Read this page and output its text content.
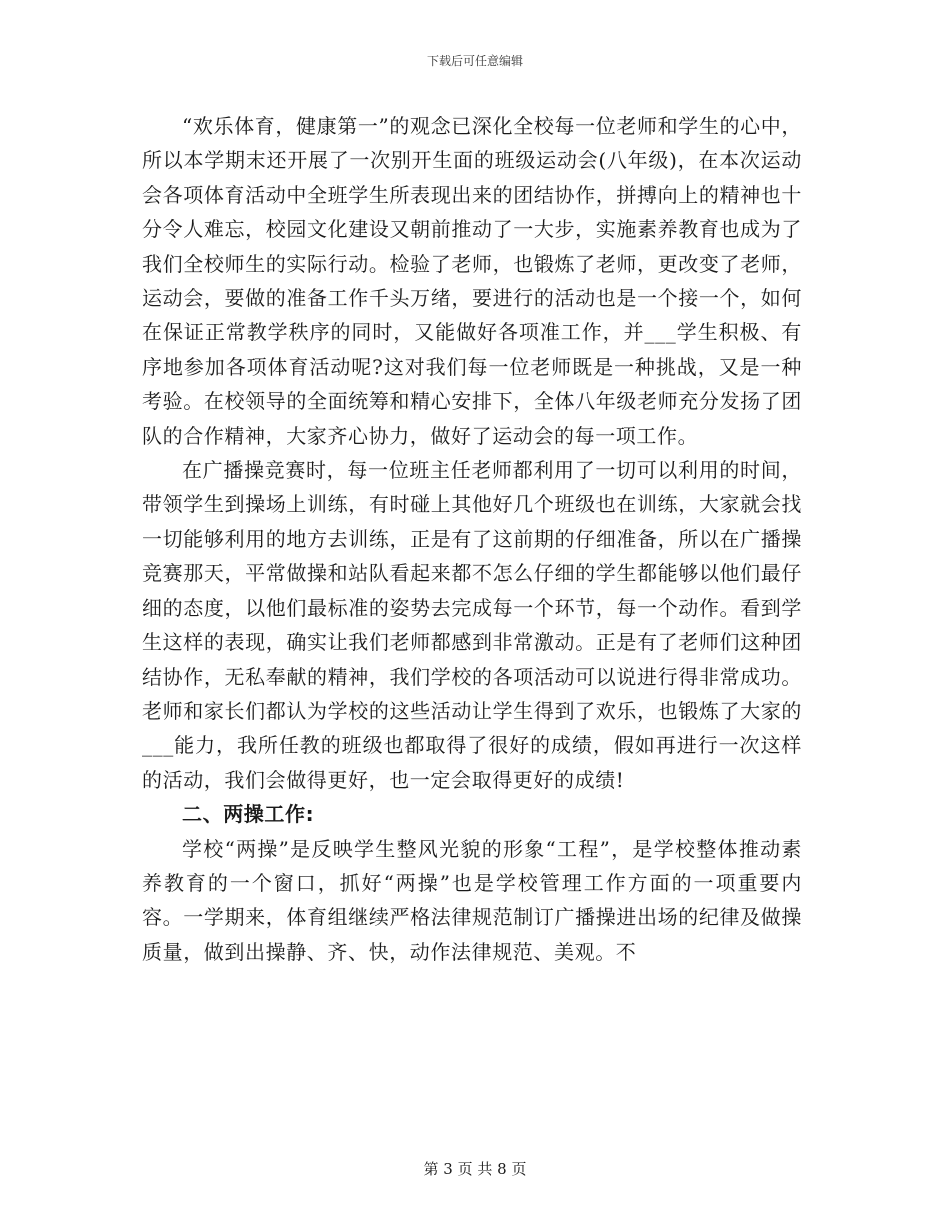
下载后可任意编辑

“欢乐体育，健康第一”的观念已深化全校每一位老师和学生的心中，所以本学期末还开展了一次别开生面的班级运动会(八年级)，在本次运动会各项体育活动中全班学生所表现出来的团结协作，拼搏向上的精神也十分令人难忘，校园文化建设又朝前推动了一大步，实施素养教育也成为了我们全校师生的实际行动。检验了老师，也锻炼了老师，更改变了老师，运动会，要做的准备工作千头万绪，要进行的活动也是一个接一个，如何在保证正常教学秩序的同时，又能做好各项准工作，并___学生积极、有序地参加各项体育活动呢?这对我们每一位老师既是一种挑战，又是一种考验。在校领导的全面统筹和精心安排下，全体八年级老师充分发扬了团队的合作精神，大家齐心协力，做好了运动会的每一项工作。

在广播操竞赛时，每一位班主任老师都利用了一切可以利用的时间，带领学生到操场上训练，有时碰上其他好几个班级也在训练，大家就会找一切能够利用的地方去训练，正是有了这前期的仔细准备，所以在广播操竞赛那天，平常做操和站队看起来都不怎么仔细的学生都能够以他们最仔细的态度，以他们最标准的姿势去完成每一个环节，每一个动作。看到学生这样的表现，确实让我们老师都感到非常激动。正是有了老师们这种团结协作，无私奉献的精神，我们学校的各项活动可以说进行得非常成功。老师和家长们都认为学校的这些活动让学生得到了欢乐，也锻炼了大家的___能力，我所任教的班级也都取得了很好的成绩，假如再进行一次这样的活动，我们会做得更好，也一定会取得更好的成绩!

二、两操工作:

学校“两操”是反映学生整风光貌的形象“工程”，是学校整体推动素养教育的一个窗口，抓好“两操”也是学校管理工作方面的一项重要内容。一学期来，体育组继续严格法律规范制订广播操进出场的纪律及做操质量，做到出操静、齐、快，动作法律规范、美观。不

第 3 页 共 8 页
